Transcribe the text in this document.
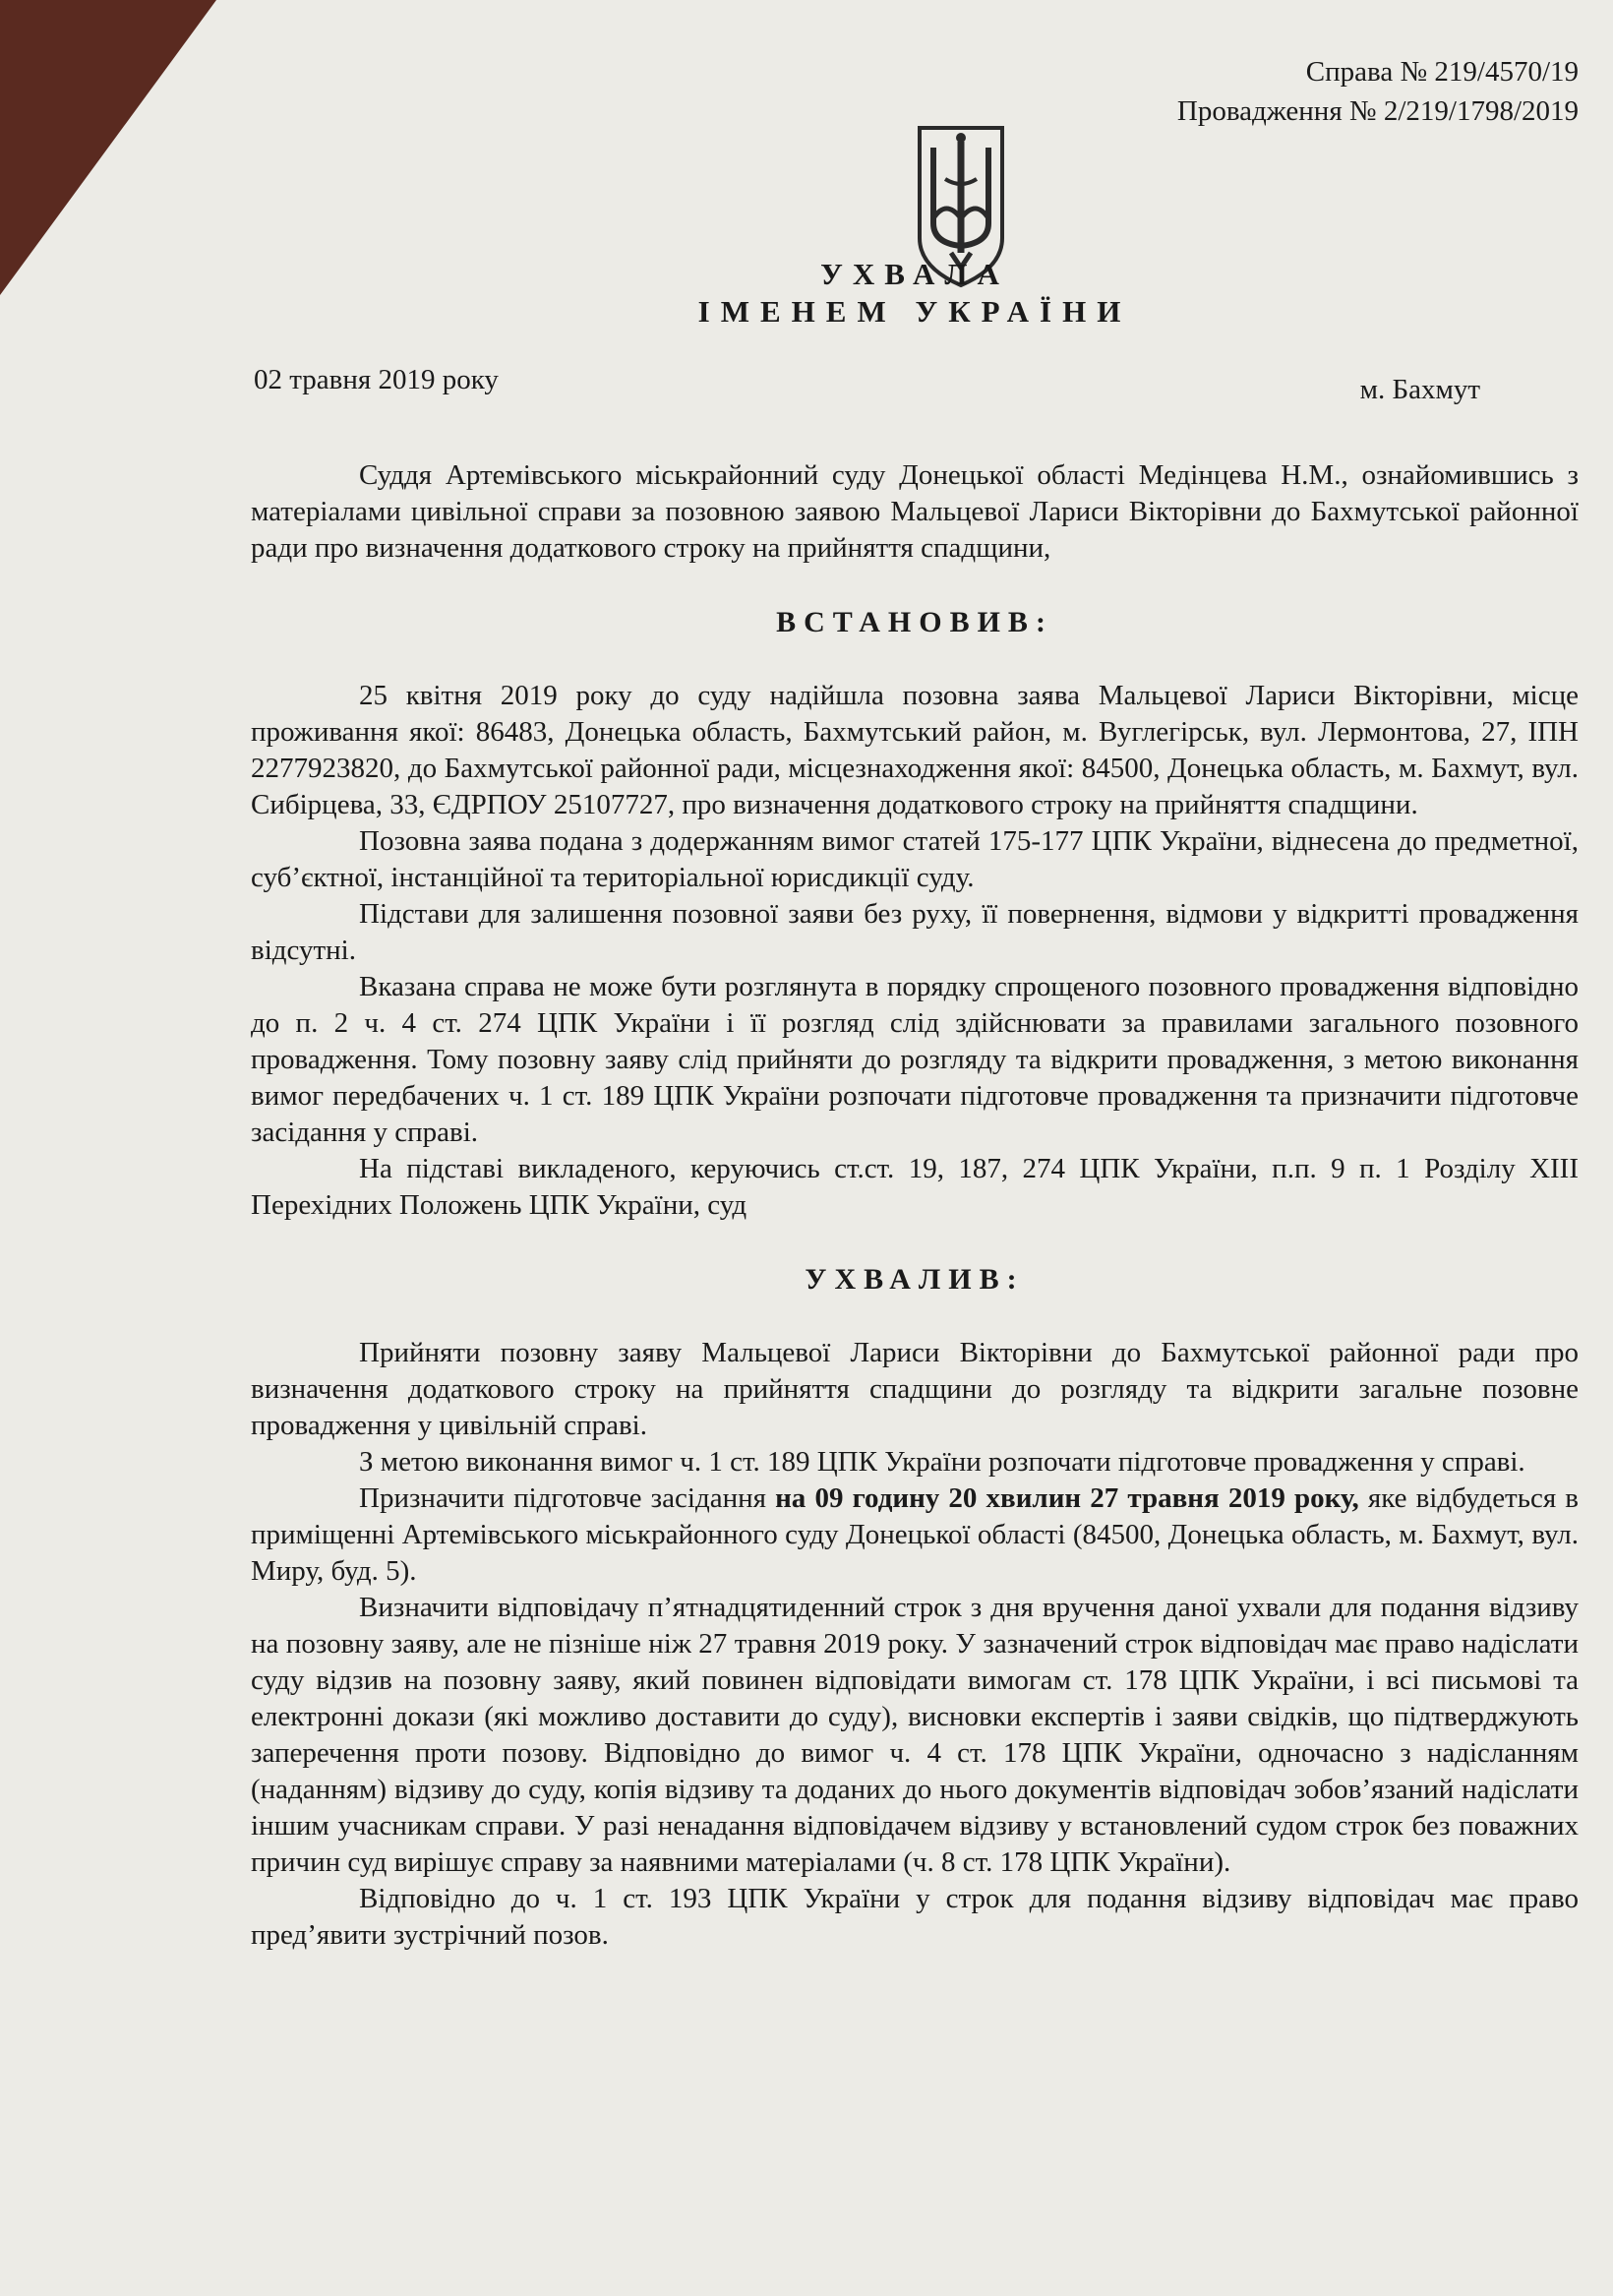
Справа № 219/4570/19
Провадження № 2/219/1798/2019
УХВАЛА
ІМЕНЕМ УКРАЇНИ
02 травня 2019 року	м. Бахмут

Суддя Артемівського міськрайонний суду Донецької області Медінцева Н.М., ознайомившись з матеріалами цивільної справи за позовною заявою Мальцевої Лариси Вікторівни до Бахмутської районної ради про визначення додаткового строку на прийняття спадщини,

ВСТАНОВИВ:

25 квітня 2019 року до суду надійшла позовна заява Мальцевої Лариси Вікторівни, місце проживання якої: 86483, Донецька область, Бахмутський район, м. Вуглегірськ, вул. Лермонтова, 27, ІПН 2277923820, до Бахмутської районної ради, місцезнаходження якої: 84500, Донецька область, м. Бахмут, вул. Сибірцева, 33, ЄДРПОУ 25107727, про визначення додаткового строку на прийняття спадщини.

Позовна заява подана з додержанням вимог статей 175-177 ЦПК України, віднесена до предметної, суб’єктної, інстанційної та територіальної юрисдикції суду.

Підстави для залишення позовної заяви без руху, її повернення, відмови у відкритті провадження відсутні.

Вказана справа не може бути розглянута в порядку спрощеного позовного провадження відповідно до п. 2 ч. 4 ст. 274 ЦПК України і її розгляд слід здійснювати за правилами загального позовного провадження. Тому позовну заяву слід прийняти до розгляду та відкрити провадження, з метою виконання вимог передбачених ч. 1 ст. 189 ЦПК України розпочати підготовче провадження та призначити підготовче засідання у справі.

На підставі викладеного, керуючись ст.ст. 19, 187, 274 ЦПК України, п.п. 9 п. 1 Розділу XIII Перехідних Положень ЦПК України, суд

УХВАЛИВ:

Прийняти позовну заяву Мальцевої Лариси Вікторівни до Бахмутської районної ради про визначення додаткового строку на прийняття спадщини до розгляду та відкрити загальне позовне провадження у цивільній справі.

З метою виконання вимог ч. 1 ст. 189 ЦПК України розпочати підготовче провадження у справі.

Призначити підготовче засідання на 09 годину 20 хвилин 27 травня 2019 року, яке відбудеться в приміщенні Артемівського міськрайонного суду Донецької області (84500, Донецька область, м. Бахмут, вул. Миру, буд. 5).

Визначити відповідачу п’ятнадцятиденний строк з дня вручення даної ухвали для подання відзиву на позовну заяву, але не пізніше ніж 27 травня 2019 року. У зазначений строк відповідач має право надіслати суду відзив на позовну заяву, який повинен відповідати вимогам ст. 178 ЦПК України, і всі письмові та електронні докази (які можливо доставити до суду), висновки експертів і заяви свідків, що підтверджують заперечення проти позову. Відповідно до вимог ч. 4 ст. 178 ЦПК України, одночасно з надісланням (наданням) відзиву до суду, копія відзиву та доданих до нього документів відповідач зобов’язаний надіслати іншим учасникам справи. У разі ненадання відповідачем відзиву у встановлений судом строк без поважних причин суд вирішує справу за наявними матеріалами (ч. 8 ст. 178 ЦПК України).

Відповідно до ч. 1 ст. 193 ЦПК України у строк для подання відзиву відповідач має право пред’явити зустрічний позов.
